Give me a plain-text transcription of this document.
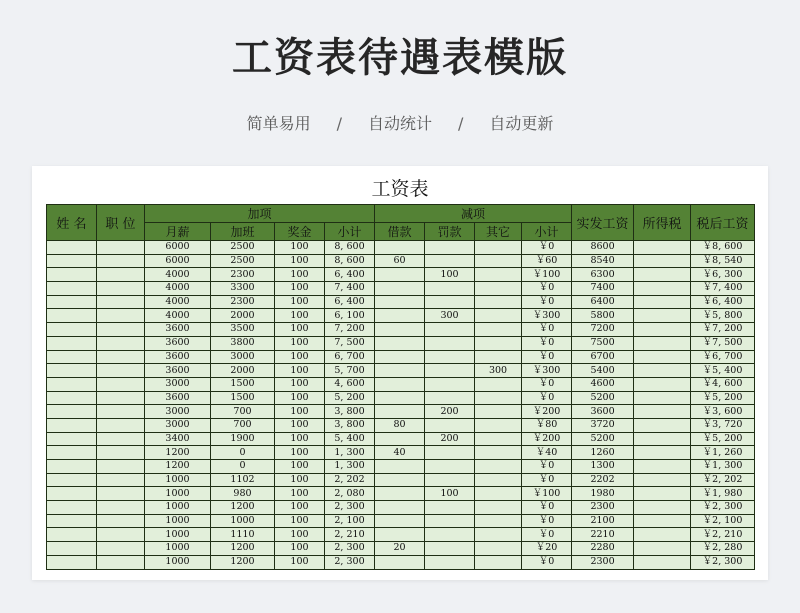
工资表待遇表模版
简单易用 / 自动统计 / 自动更新
工资表
姓 名	职 位	加项				减项				实发工资	所得税	税后工资
		月薪	加班	奖金	小计	借款	罚款	其它	小计			
		6000	2500	100	8, 600				￥0	8600		￥8, 600
		6000	2500	100	8, 600	60			￥60	8540		￥8, 540
		4000	2300	100	6, 400		100		￥100	6300		￥6, 300
		4000	3300	100	7, 400				￥0	7400		￥7, 400
		4000	2300	100	6, 400				￥0	6400		￥6, 400
		4000	2000	100	6, 100		300		￥300	5800		￥5, 800
		3600	3500	100	7, 200				￥0	7200		￥7, 200
		3600	3800	100	7, 500				￥0	7500		￥7, 500
		3600	3000	100	6, 700				￥0	6700		￥6, 700
		3600	2000	100	5, 700			300	￥300	5400		￥5, 400
		3000	1500	100	4, 600				￥0	4600		￥4, 600
		3600	1500	100	5, 200				￥0	5200		￥5, 200
		3000	700	100	3, 800		200		￥200	3600		￥3, 600
		3000	700	100	3, 800	80			￥80	3720		￥3, 720
		3400	1900	100	5, 400		200		￥200	5200		￥5, 200
		1200	0	100	1, 300	40			￥40	1260		￥1, 260
		1200	0	100	1, 300				￥0	1300		￥1, 300
		1000	1102	100	2, 202				￥0	2202		￥2, 202
		1000	980	100	2, 080		100		￥100	1980		￥1, 980
		1000	1200	100	2, 300				￥0	2300		￥2, 300
		1000	1000	100	2, 100				￥0	2100		￥2, 100
		1000	1110	100	2, 210				￥0	2210		￥2, 210
		1000	1200	100	2, 300	20			￥20	2280		￥2, 280
		1000	1200	100	2, 300				￥0	2300		￥2, 300
